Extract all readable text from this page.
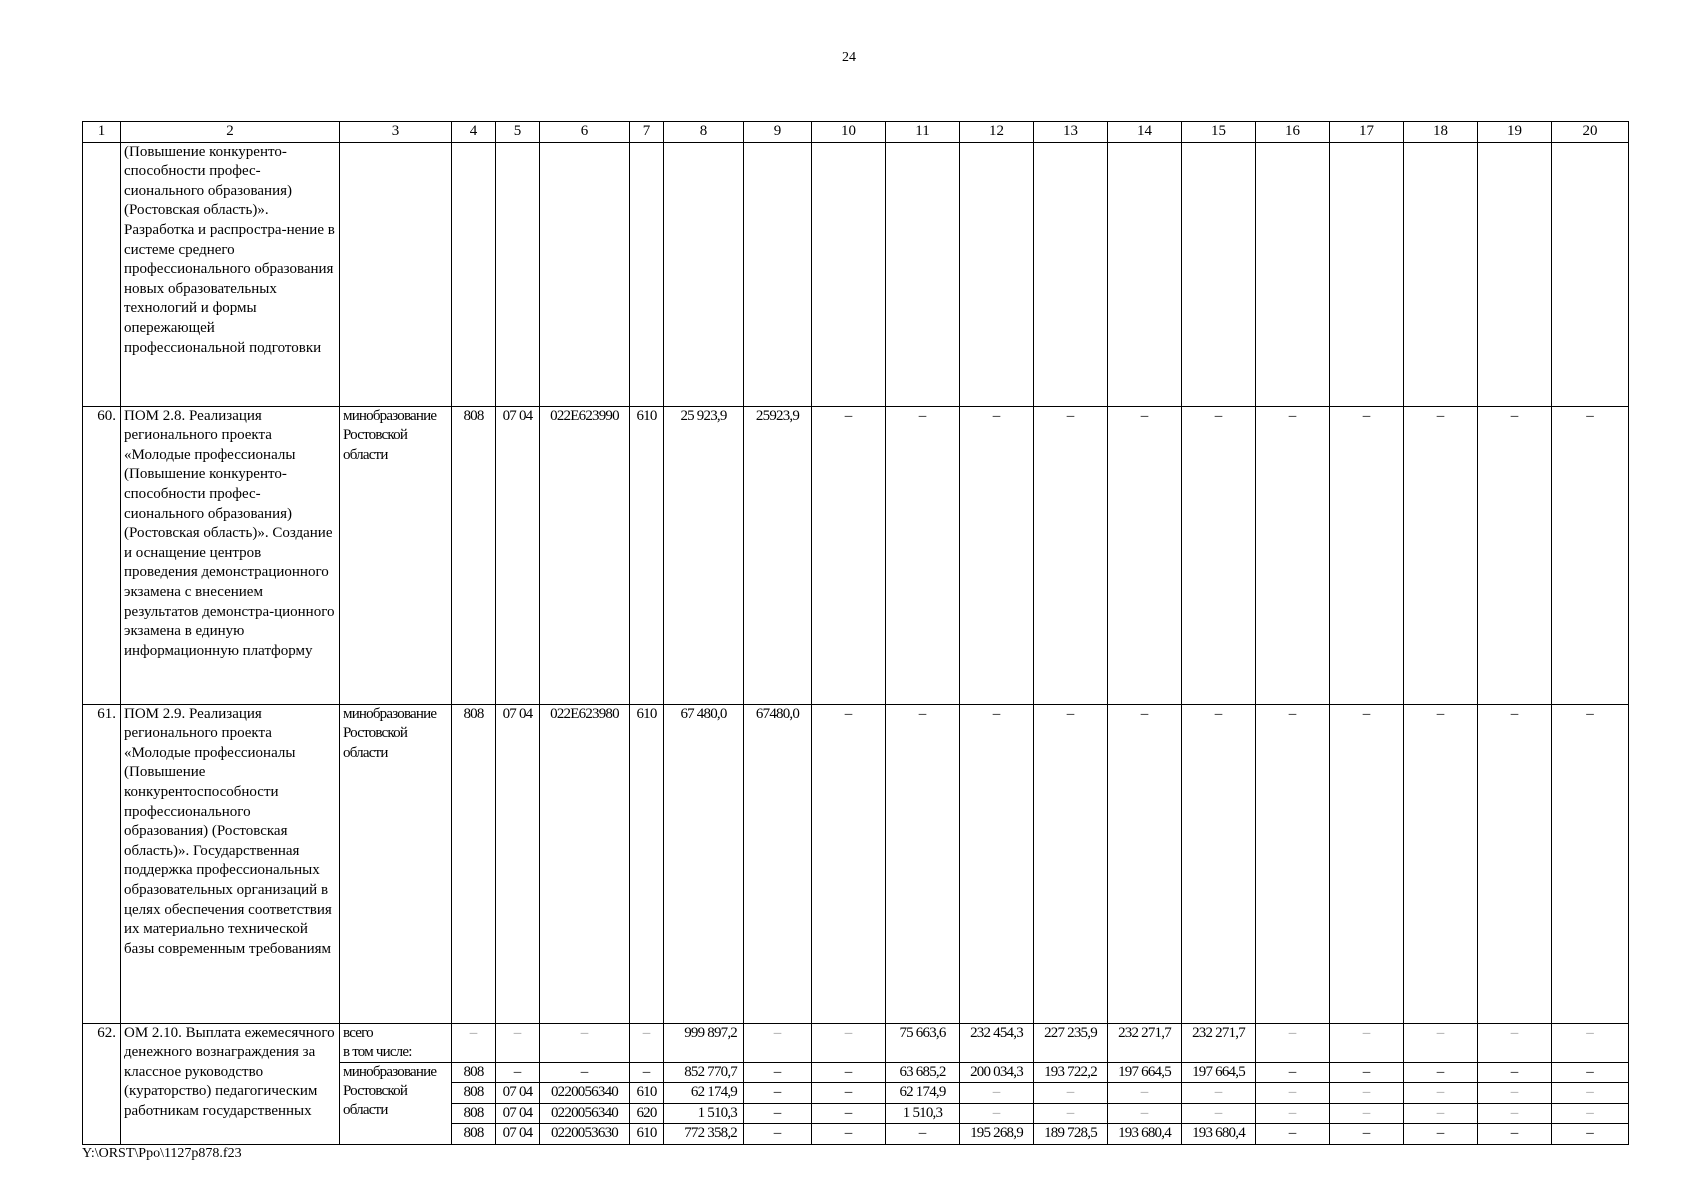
24
1	2	3	4	5	6	7	8	9	10	11	12	13	14	15	16	17	18	19	20
	(Повышение конкуренто-способности профес-сионального образования) (Ростовская область)». Разработка и распростра-нение в системе среднего профессионального образования новых образовательных технологий и формы опережающей профессиональной подготовки																		
60.	ПОМ 2.8. Реализация регионального проекта «Молодые профессионалы (Повышение конкуренто-способности профес-сионального образования) (Ростовская область)». Создание и оснащение центров проведения демонстрационного экзамена с внесением результатов демонстра-ционного экзамена в единую информационную платформу	минобразование Ростовской области	808	07 04	022E623990	610	25 923,9	25923,9	–	–	–	–	–	–	–	–	–	–	–
61.	ПОМ 2.9. Реализация регионального проекта «Молодые профессионалы (Повышение конкурентоспособности профессионального образования) (Ростовская область)». Государственная поддержка профессиональных образовательных организаций в целях обеспечения соответствия их материально технической базы современным требованиям	минобразование Ростовской области	808	07 04	022E623980	610	67 480,0	67480,0	–	–	–	–	–	–	–	–	–	–	–
62.	ОМ 2.10. Выплата ежемесячного денежного вознаграждения за классное руководство (кураторство) педагогическим работникам государственных	всего
в том числе:	–	–	–	–	999 897,2	–	–	75 663,6	232 454,3	227 235,9	232 271,7	232 271,7	–	–	–	–	–
		минобразование Ростовской области	808	–	–	–	852 770,7	–	–	63 685,2	200 034,3	193 722,2	197 664,5	197 664,5	–	–	–	–	–
			808	07 04	0220056340	610	62 174,9	–	–	62 174,9	–	–	–	–	–	–	–	–	–
			808	07 04	0220056340	620	1 510,3	–	–	1 510,3	–	–	–	–	–	–	–	–	–
			808	07 04	0220053630	610	772 358,2	–	–	–	195 268,9	189 728,5	193 680,4	193 680,4	–	–	–	–	–
Y:\ORST\Ppo\1127p878.f23
